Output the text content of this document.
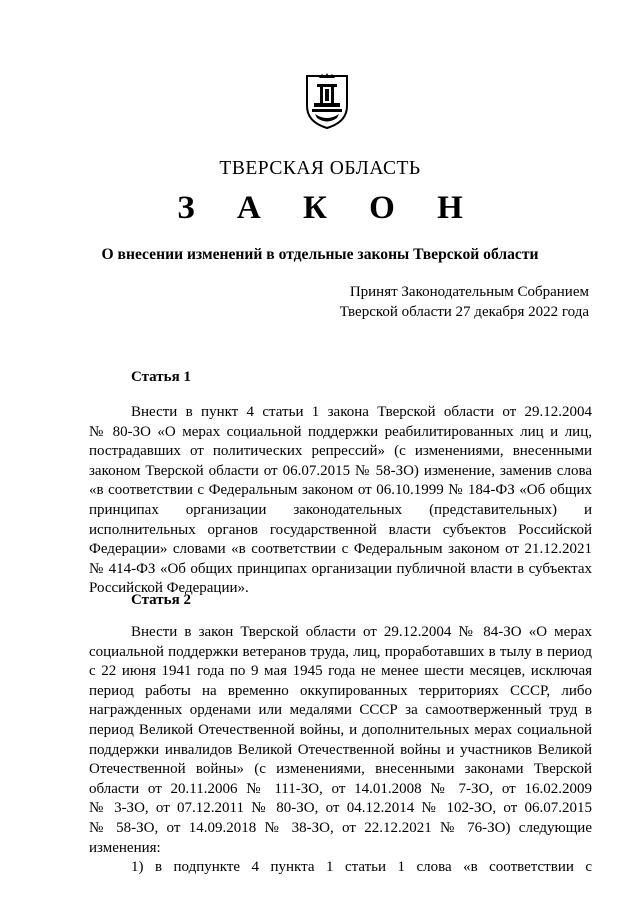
ТВЕРСКАЯ ОБЛАСТЬ
З А К О Н
О внесении изменений в отдельные законы Тверской области
Принят Законодательным Собранием
Тверской области 27 декабря 2022 года
Статья 1
Внести в пункт 4 статьи 1 закона Тверской области от 29.12.2004
№ 80-ЗО «О мерах социальной поддержки реабилитированных лиц и лиц,
пострадавших от политических репрессий» (с изменениями, внесенными
законом Тверской области от 06.07.2015 № 58-ЗО) изменение, заменив слова
«в соответствии с Федеральным законом от 06.10.1999 № 184-ФЗ «Об общих
принципах организации законодательных (представительных) и
исполнительных органов государственной власти субъектов Российской
Федерации» словами «в соответствии с Федеральным законом от 21.12.2021
№ 414-ФЗ «Об общих принципах организации публичной власти в субъектах
Российской Федерации».
Статья 2
Внести в закон Тверской области от 29.12.2004 № 84-ЗО «О мерах
социальной поддержки ветеранов труда, лиц, проработавших в тылу в период
с 22 июня 1941 года по 9 мая 1945 года не менее шести месяцев, исключая
период работы на временно оккупированных территориях СССР, либо
награжденных орденами или медалями СССР за самоотверженный труд в
период Великой Отечественной войны, и дополнительных мерах социальной
поддержки инвалидов Великой Отечественной войны и участников Великой
Отечественной войны» (с изменениями, внесенными законами Тверской
области от 20.11.2006 № 111-ЗО, от 14.01.2008 № 7-ЗО, от 16.02.2009
№ 3-ЗО, от 07.12.2011 № 80-ЗО, от 04.12.2014 № 102-ЗО, от 06.07.2015
№ 58-ЗО, от 14.09.2018 № 38-ЗО, от 22.12.2021 № 76-ЗО) следующие
изменения:
1) в подпункте 4 пункта 1 статьи 1 слова «в соответствии с
